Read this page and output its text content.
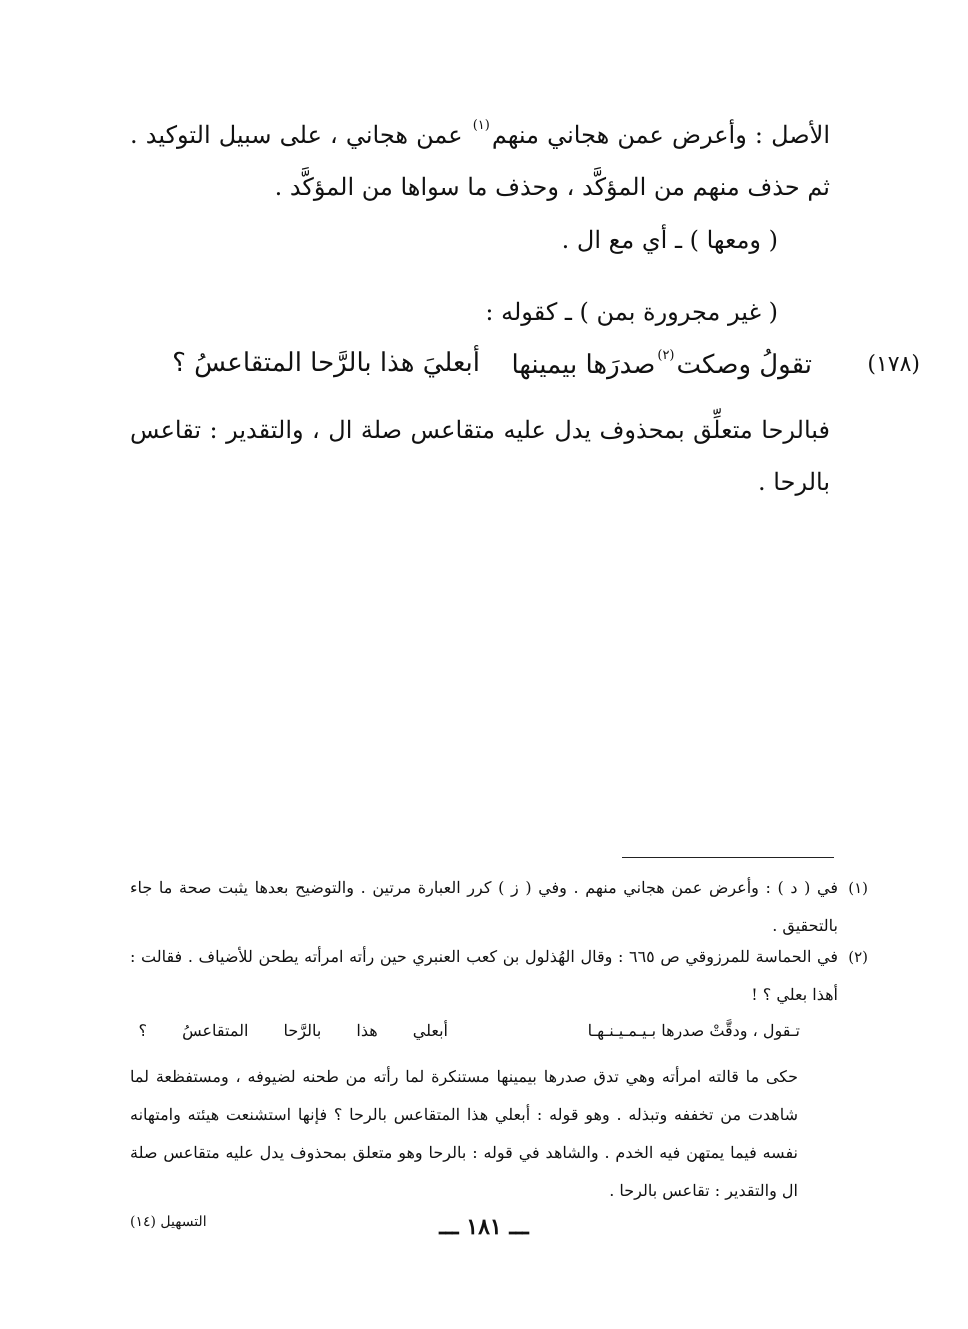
الأصل : وأعرض عمن هجاني منهم$^{(١)}$ عمن هجاني ، على سبيل التوكيد . ثم حذف منهم من المؤكَّد ، وحذف ما سواها من المؤكَّد .

( ومعها ) ـ أي مع ال .
( غير مجرورة بمن ) ـ كقوله :
(١٧٨)
تقولُ وصكت$^{(٢)}$صدرَها بيمينها
أبعليَ هذا بالرَّحا المتقاعسُ ؟

فبالرحا متعلِّق بمحذوف يدل عليه متقاعس صلة ال ، والتقدير : تقاعس بالرحا .

(١)
في ( د ) : وأعرض عمن هجاني منهم . وفي ( ز ) كرر العبارة مرتين . والتوضيح بعدها يثبت صحة ما جاء بالتحقيق .
(٢)
في الحماسة للمرزوقي ص ٦٦٥ : وقال الهُذلول بن كعب العنبري حين رأته امرأته يطحن للأضياف . فقالت : أهذا بعلي ؟ !
تـقول ، ودقَّتْ صدرها بـيـمـيـنـهـا
أبعلي هذا بالرَّحا المتقاعسُ ؟
حكى ما قالته امرأته وهي تدق صدرها بيمينها مستنكرة لما رأته من طحنه لضيوفه ، ومستفظعة لما شاهدت من تخففه وتبذله . وهو قوله : أبعلي هذا المتقاعس بالرحا ؟ فإنها استشنعت هيئته وامتهانه نفسه فيما يمتهن فيه الخدم . والشاهد في قوله : بالرحا وهو متعلق بمحذوف يدل عليه متقاعس صلة ال والتقدير : تقاعس بالرحا .
التسهيل (١٤)	ـــ ١٨١ ـــ
